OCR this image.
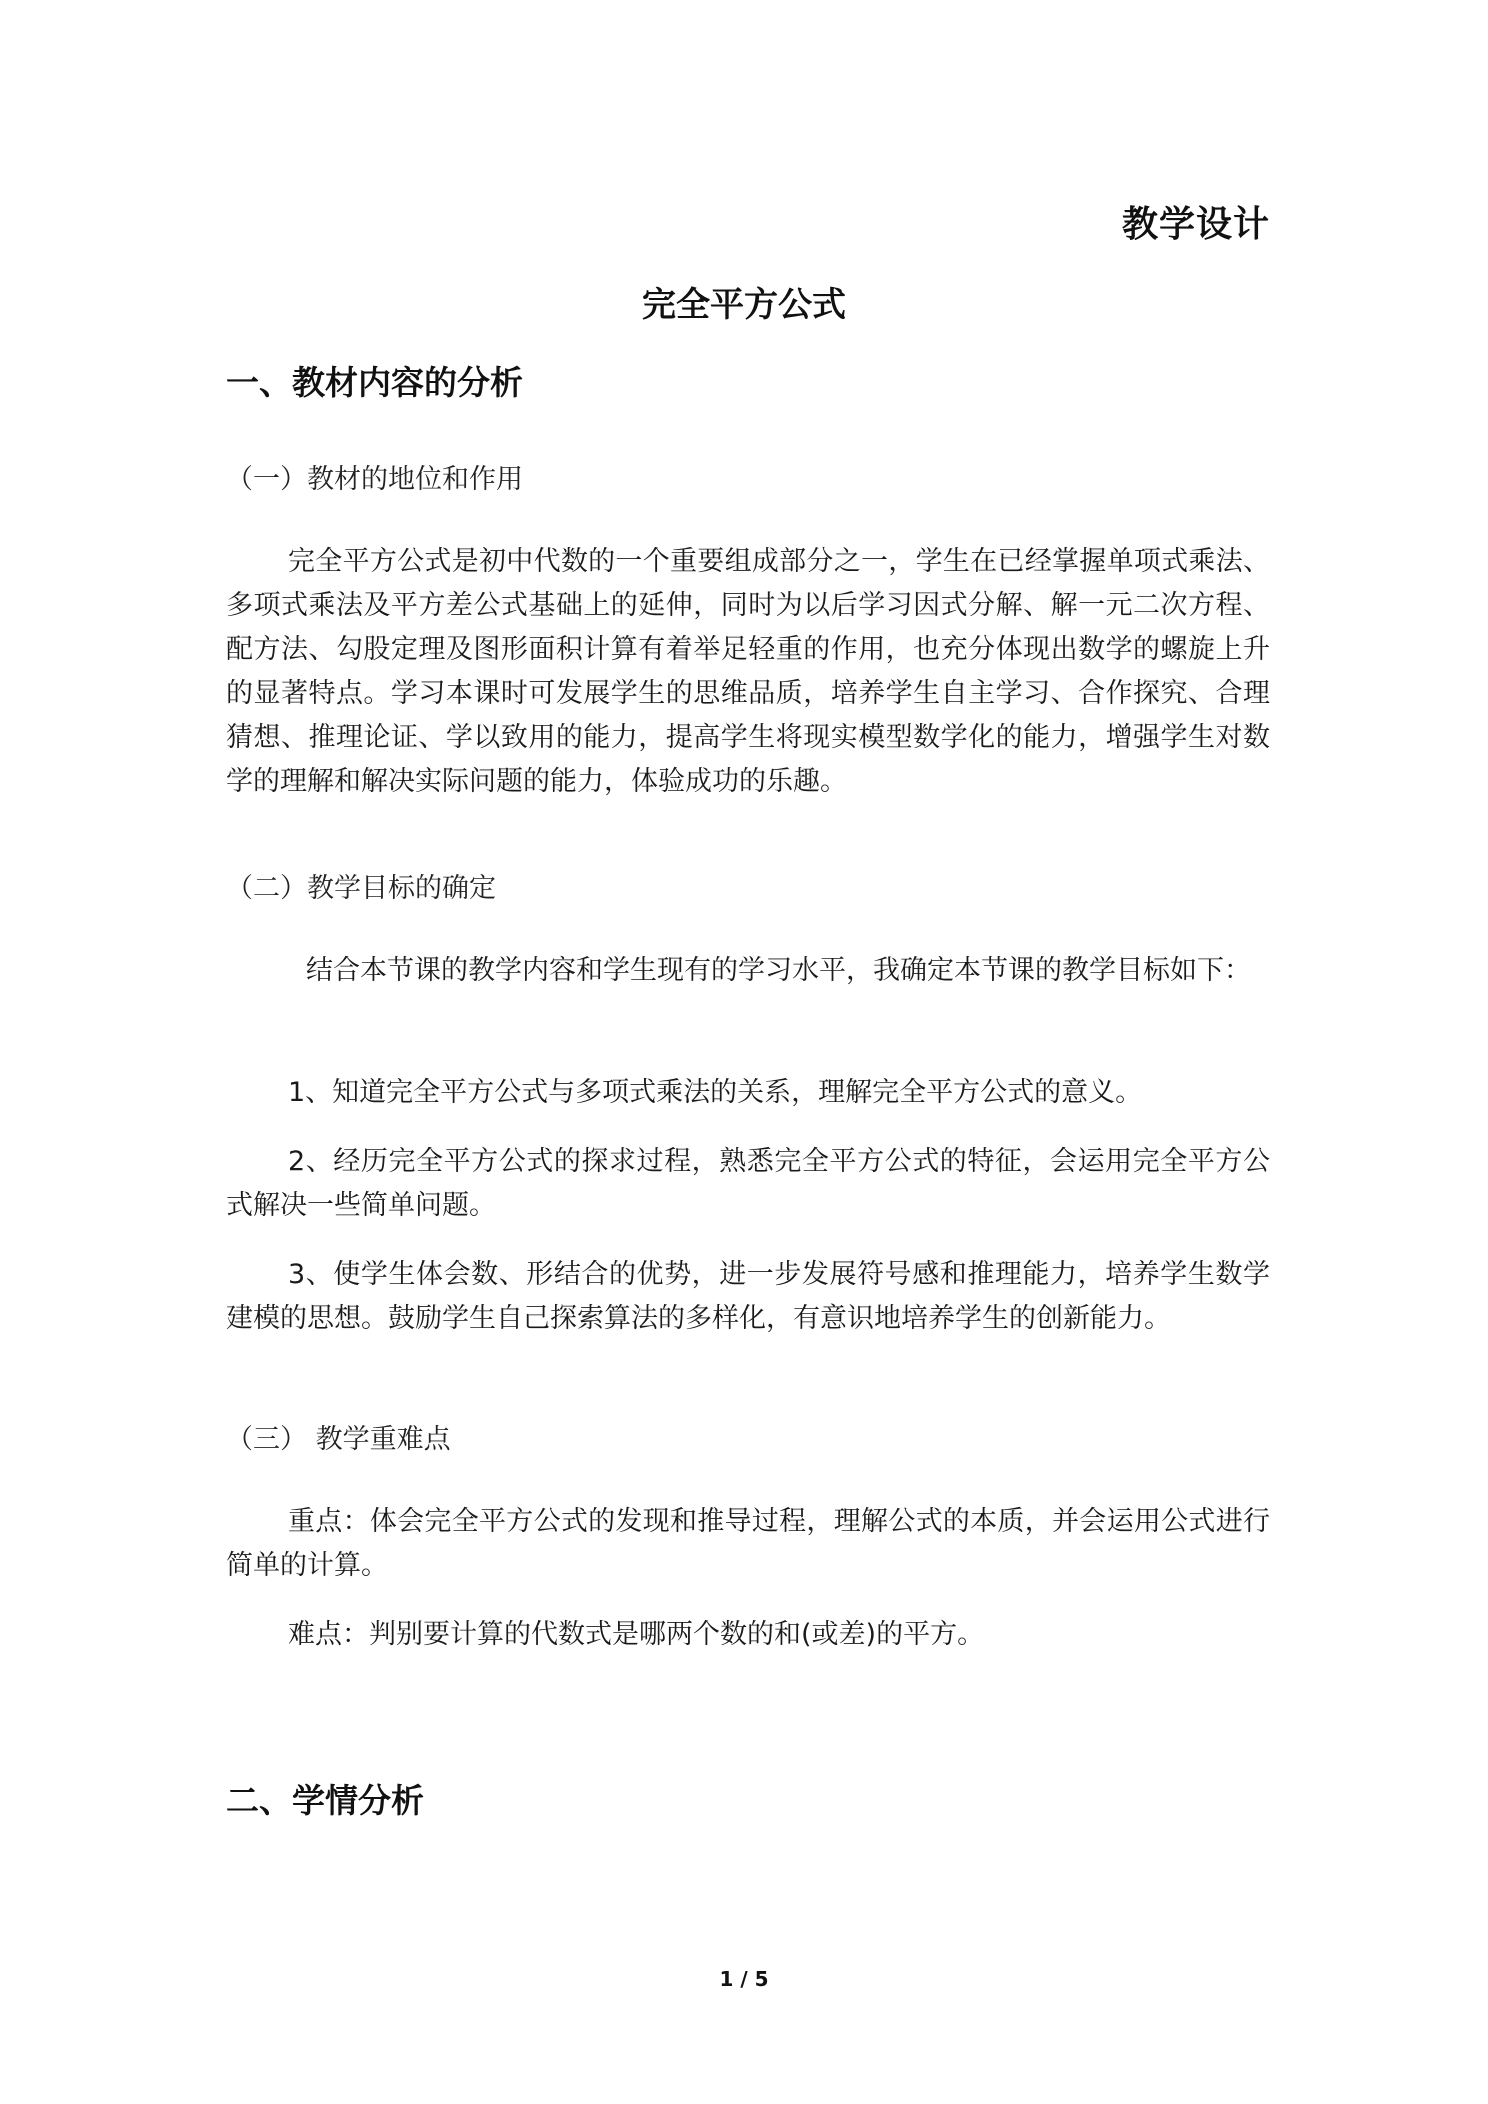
教学设计
完全平方公式
一、教材内容的分析
（一）教材的地位和作用
完全平方公式是初中代数的一个重要组成部分之一，学生在已经掌握单项式乘法、多项式乘法及平方差公式基础上的延伸，同时为以后学习因式分解、解一元二次方程、配方法、勾股定理及图形面积计算有着举足轻重的作用，也充分体现出数学的螺旋上升的显著特点。学习本课时可发展学生的思维品质，培养学生自主学习、合作探究、合理猜想、推理论证、学以致用的能力，提高学生将现实模型数学化的能力，增强学生对数学的理解和解决实际问题的能力，体验成功的乐趣。
（二）教学目标的确定
结合本节课的教学内容和学生现有的学习水平，我确定本节课的教学目标如下：
1、知道完全平方公式与多项式乘法的关系，理解完全平方公式的意义。
2、经历完全平方公式的探求过程，熟悉完全平方公式的特征，会运用完全平方公式解决一些简单问题。
3、使学生体会数、形结合的优势，进一步发展符号感和推理能力，培养学生数学建模的思想。鼓励学生自己探索算法的多样化，有意识地培养学生的创新能力。
（三） 教学重难点
重点：体会完全平方公式的发现和推导过程，理解公式的本质，并会运用公式进行简单的计算。
难点：判别要计算的代数式是哪两个数的和(或差)的平方。
二、学情分析
1 / 5
